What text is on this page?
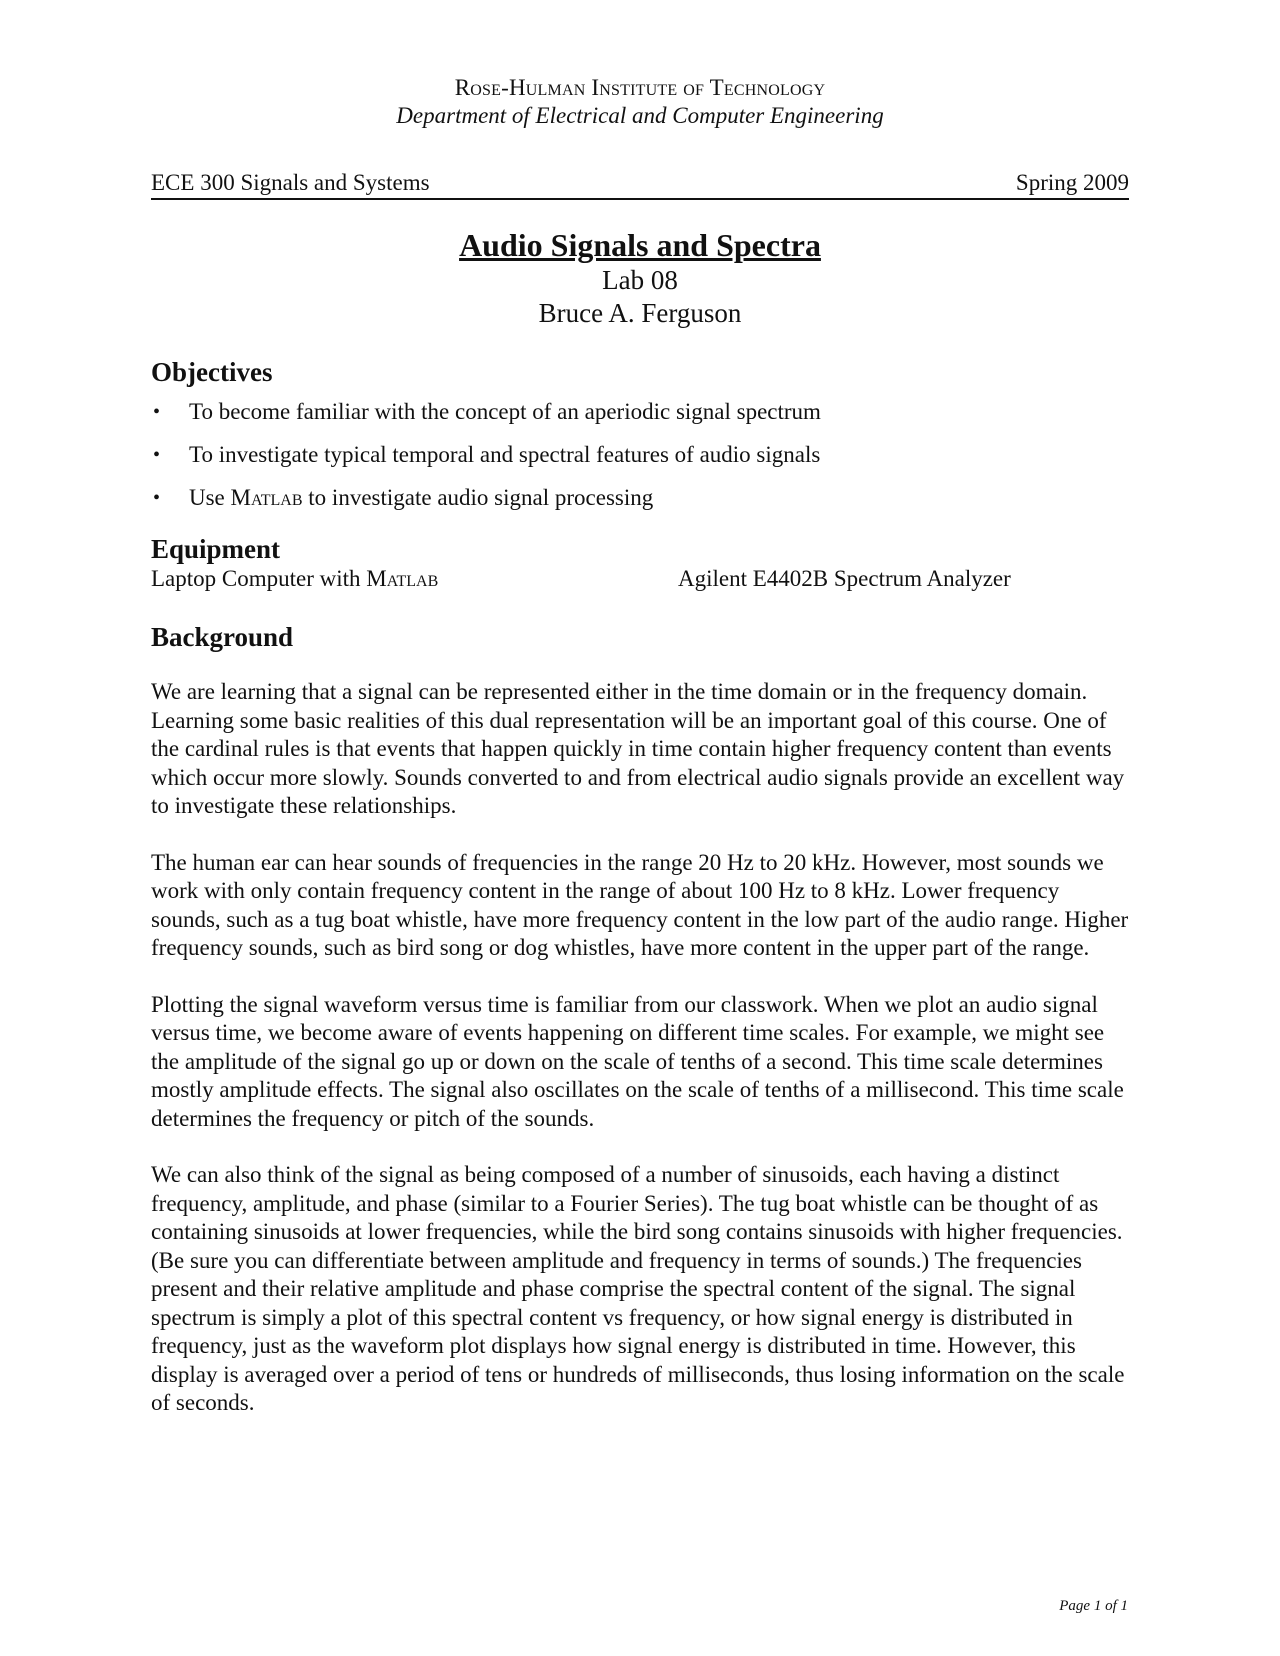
Rose-Hulman Institute of Technology

Department of Electrical and Computer Engineering

ECE 300 Signals and Systems	Spring 2009
Audio Signals and Spectra
Lab 08
Bruce A. Ferguson
Objectives
• To become familiar with the concept of an aperiodic signal spectrum
• To investigate typical temporal and spectral features of audio signals
• Use Matlab to investigate audio signal processing
Equipment
Laptop Computer with Matlab	Agilent E4402B Spectrum Analyzer
Background

We are learning that a signal can be represented either in the time domain or in the frequency domain. Learning some basic realities of this dual representation will be an important goal of this course. One of the cardinal rules is that events that happen quickly in time contain higher frequency content than events which occur more slowly. Sounds converted to and from electrical audio signals provide an excellent way to investigate these relationships.

The human ear can hear sounds of frequencies in the range 20 Hz to 20 kHz. However, most sounds we work with only contain frequency content in the range of about 100 Hz to 8 kHz. Lower frequency sounds, such as a tug boat whistle, have more frequency content in the low part of the audio range. Higher frequency sounds, such as bird song or dog whistles, have more content in the upper part of the range.

Plotting the signal waveform versus time is familiar from our classwork. When we plot an audio signal versus time, we become aware of events happening on different time scales. For example, we might see the amplitude of the signal go up or down on the scale of tenths of a second. This time scale determines mostly amplitude effects. The signal also oscillates on the scale of tenths of a millisecond. This time scale determines the frequency or pitch of the sounds.

We can also think of the signal as being composed of a number of sinusoids, each having a distinct frequency, amplitude, and phase (similar to a Fourier Series). The tug boat whistle can be thought of as containing sinusoids at lower frequencies, while the bird song contains sinusoids with higher frequencies. (Be sure you can differentiate between amplitude and frequency in terms of sounds.) The frequencies present and their relative amplitude and phase comprise the spectral content of the signal. The signal spectrum is simply a plot of this spectral content vs frequency, or how signal energy is distributed in frequency, just as the waveform plot displays how signal energy is distributed in time. However, this display is averaged over a period of tens or hundreds of milliseconds, thus losing information on the scale of seconds.

Page 1 of 1
